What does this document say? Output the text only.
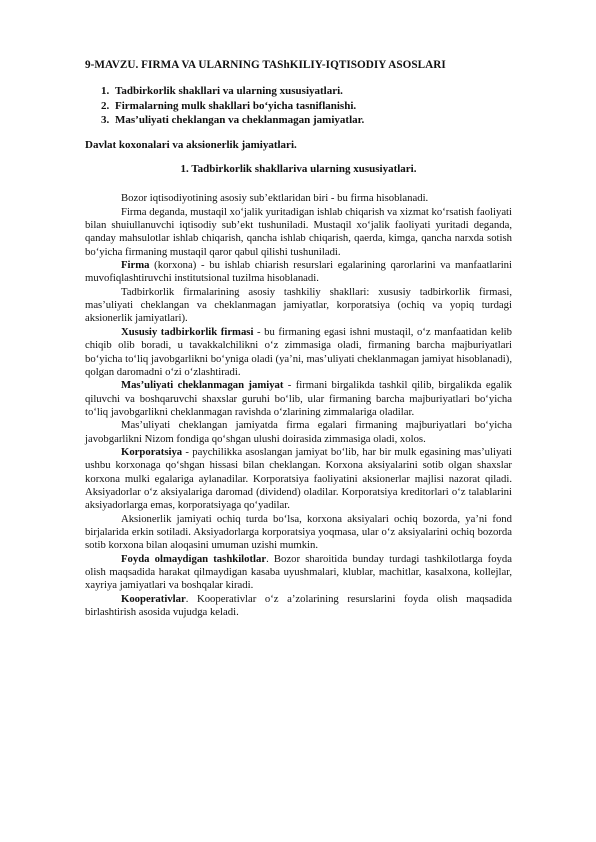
9-MAVZU. FIRMA VA ULARNING TAShKILIY-IQTISODIY ASOSLARI
1. Tadbirkorlik shakllari va ularning xususiyatlari.
2. Firmalarning mulk shakllari bo‘yicha tasniflanishi.
3. Mas’uliyati cheklangan va cheklanmagan jamiyatlar.
Davlat koxonalari va aksionerlik jamiyatlari.
1. Tadbirkorlik shakllariva ularning xususiyatlari.

Bozor iqtisodiyotining asosiy sub’ektlaridan biri - bu firma hisoblanadi.

Firma deganda, mustaqil xo‘jalik yuritadigan ishlab chiqarish va xizmat ko‘rsatish faoliyati bilan shuiullanuvchi iqtisodiy sub’ekt tushuniladi. Mustaqil xo‘jalik faoliyati yuritadi deganda, qanday mahsulotlar ishlab chiqarish, qancha ishlab chiqarish, qaerda, kimga, qancha narxda sotish bo‘yicha firmaning mustaqil qaror qabul qilishi tushuniladi.

Firma (korxona) - bu ishlab chiarish resurslari egalarining qarorlarini va manfaatlarini muvofiqlashtiruvchi institutsional tuzilma hisoblanadi.

Tadbirkorlik firmalarining asosiy tashkiliy shakllari: xususiy tadbirkorlik firmasi, mas’uliyati cheklangan va cheklanmagan jamiyatlar, korporatsiya (ochiq va yopiq turdagi aksionerlik jamiyatlari).

Xususiy tadbirkorlik firmasi - bu firmaning egasi ishni mustaqil, o‘z manfaatidan kelib chiqib olib boradi, u tavakkalchilikni o‘z zimmasiga oladi, firmaning barcha majburiyatlari bo‘yicha to‘liq javobgarlikni bo‘yniga oladi (ya’ni, mas’uliyati cheklanmagan jamiyat hisoblanadi), qolgan daromadni o‘zi o‘zlashtiradi.

Mas’uliyati cheklanmagan jamiyat - firmani birgalikda tashkil qilib, birgalikda egalik qiluvchi va boshqaruvchi shaxslar guruhi bo‘lib, ular firmaning barcha majburiyatlari bo‘yicha to‘liq javobgarlikni cheklanmagan ravishda o‘zlarining zimmalariga oladilar.

Mas’uliyati cheklangan jamiyatda firma egalari firmaning majburiyatlari bo‘yicha javobgarlikni Nizom fondiga qo‘shgan ulushi doirasida zimmasiga oladi, xolos.

Korporatsiya - paychilikka asoslangan jamiyat bo‘lib, har bir mulk egasining mas’uliyati ushbu korxonaga qo‘shgan hissasi bilan cheklangan. Korxona aksiyalarini sotib olgan shaxslar korxona mulki egalariga aylanadilar. Korporatsiya faoliyatini aksionerlar majlisi nazorat qiladi. Aksiyadorlar o‘z aksiyalariga daromad (dividend) oladilar. Korporatsiya kreditorlari o‘z talablarini aksiyadorlarga emas, korporatsiyaga qo‘yadilar.

Aksionerlik jamiyati ochiq turda bo‘lsa, korxona aksiyalari ochiq bozorda, ya’ni fond birjalarida erkin sotiladi. Aksiyadorlarga korporatsiya yoqmasa, ular o‘z aksiyalarini ochiq bozorda sotib korxona bilan aloqasini umuman uzishi mumkin.

Foyda olmaydigan tashkilotlar. Bozor sharoitida bunday turdagi tashkilotlarga foyda olish maqsadida harakat qilmaydigan kasaba uyushmalari, klublar, machitlar, kasalxona, kollejlar, xayriya jamiyatlari va boshqalar kiradi.

Kooperativlar. Kooperativlar o‘z a’zolarining resurslarini foyda olish maqsadida birlashtirish asosida vujudga keladi.
